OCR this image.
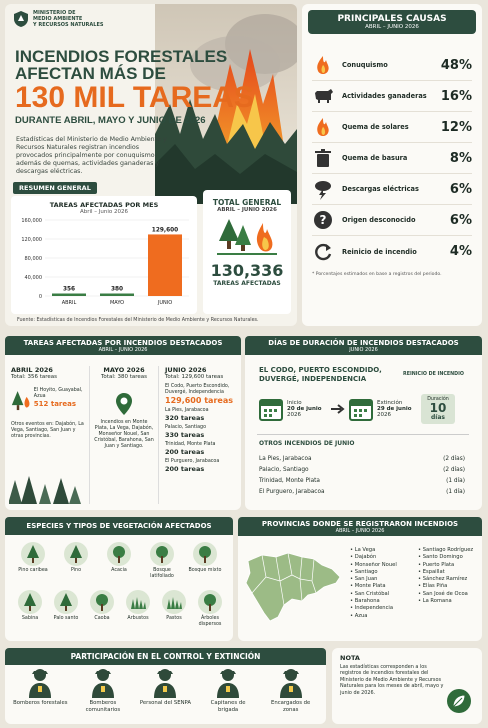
MINISTERIO DE
MEDIO AMBIENTE
Y RECURSOS NATURALES
INCENDIOS FORESTALES
AFECTAN MÁS DE
130 MIL TAREAS
DURANTE ABRIL, MAYO Y JUNIO DE 2026
Estadísticas del Ministerio de Medio Ambiente y Recursos Naturales registran incendios provocados principalmente por conuquismo, además de quemas, actividades ganaderas y descargas eléctricas.
RESUMEN GENERAL
TAREAS AFECTADAS POR MES
Abril – Junio 2026
0
40,000
80,000
120,000
160,000
356
ABRIL
380
MAYO
129,600
JUNIO
TOTAL GENERAL
ABRIL – JUNIO 2026
130,336
TAREAS AFECTADAS
Fuente: Estadísticas de Incendios Forestales del Ministerio de Medio Ambiente y Recursos Naturales.
PRINCIPALES CAUSAS
ABRIL – JUNIO 2026
Conuquismo	48%
Actividades ganaderas	16%
Quema de solares	12%
Quema de basura	8%
Descargas eléctricas	6%
? Origen desconocido	6%
Reinicio de incendio	4%
* Porcentajes estimados en base a registros del periodo.
TAREAS AFECTADAS POR INCENDIOS DESTACADOS
ABRIL – JUNIO 2026
ABRIL 2026
Total: 356 tareas
El Hoyito, Guayabal, Azua
512 tareas
Otros eventos en: Dajabón, La Vega, Santiago, San Juan y otras provincias.
MAYO 2026
Total: 380 tareas
Incendios en Monte Plata, La Vega, Dajabón, Monseñor Nouel, San Cristóbal, Barahona, San Juan y Santiago.
JUNIO 2026
Total: 129,600 tareas
El Codo, Puerto Escondido, Duvergé, Independencia
129,600 tareas
La Pies, Jarabacoa
320 tareas
Palacio, Santiago
330 tareas
Trinidad, Monte Plata
200 tareas
El Purguero, Jarabacoa
200 tareas
DÍAS DE DURACIÓN DE INCENDIOS DESTACADOS
JUNIO 2026
EL CODO, PUERTO ESCONDIDO, DUVERGÉ, INDEPENDENCIA
REINICIO DE INCENDIO
Inicio
20 de junio
2026
Extinción
29 de junio
2026
Duración
10
días
OTROS INCENDIOS DE JUNIO
La Pies, Jarabacoa	(2 días)
Palacio, Santiago	(2 días)
Trinidad, Monte Plata	(1 día)
El Purguero, Jarabacoa	(1 día)
ESPECIES Y TIPOS DE VEGETACIÓN AFECTADOS
Pino caribea	Pino	Acacia	Bosque latifoliado
Bosque mixto
Sabina	Palo santo	Caoba	Arbustos	Pastos	Árboles dispersos
PROVINCIAS DONDE SE REGISTRARON INCENDIOS
ABRIL – JUNIO 2026
• La Vega
• Dajabón
• Monseñor Nouel
• Santiago
• San Juan
• Monte Plata
• San Cristóbal
• Barahona
• Independencia
• Azua
• Santiago Rodríguez
• Santo Domingo
• Puerto Plata
• Espaillat
• Sánchez Ramírez
• Elías Piña
• San José de Ocoa
• La Romana
PARTICIPACIÓN EN EL CONTROL Y EXTINCIÓN
Bomberos forestales	Bomberos comunitarios
Personal del SENPA	Capitanes de brigada
Encargados de zonas
NOTA
Las estadísticas corresponden a los registros de incendios forestales del Ministerio de Medio Ambiente y Recursos Naturales para los meses de abril, mayo y junio de 2026.
